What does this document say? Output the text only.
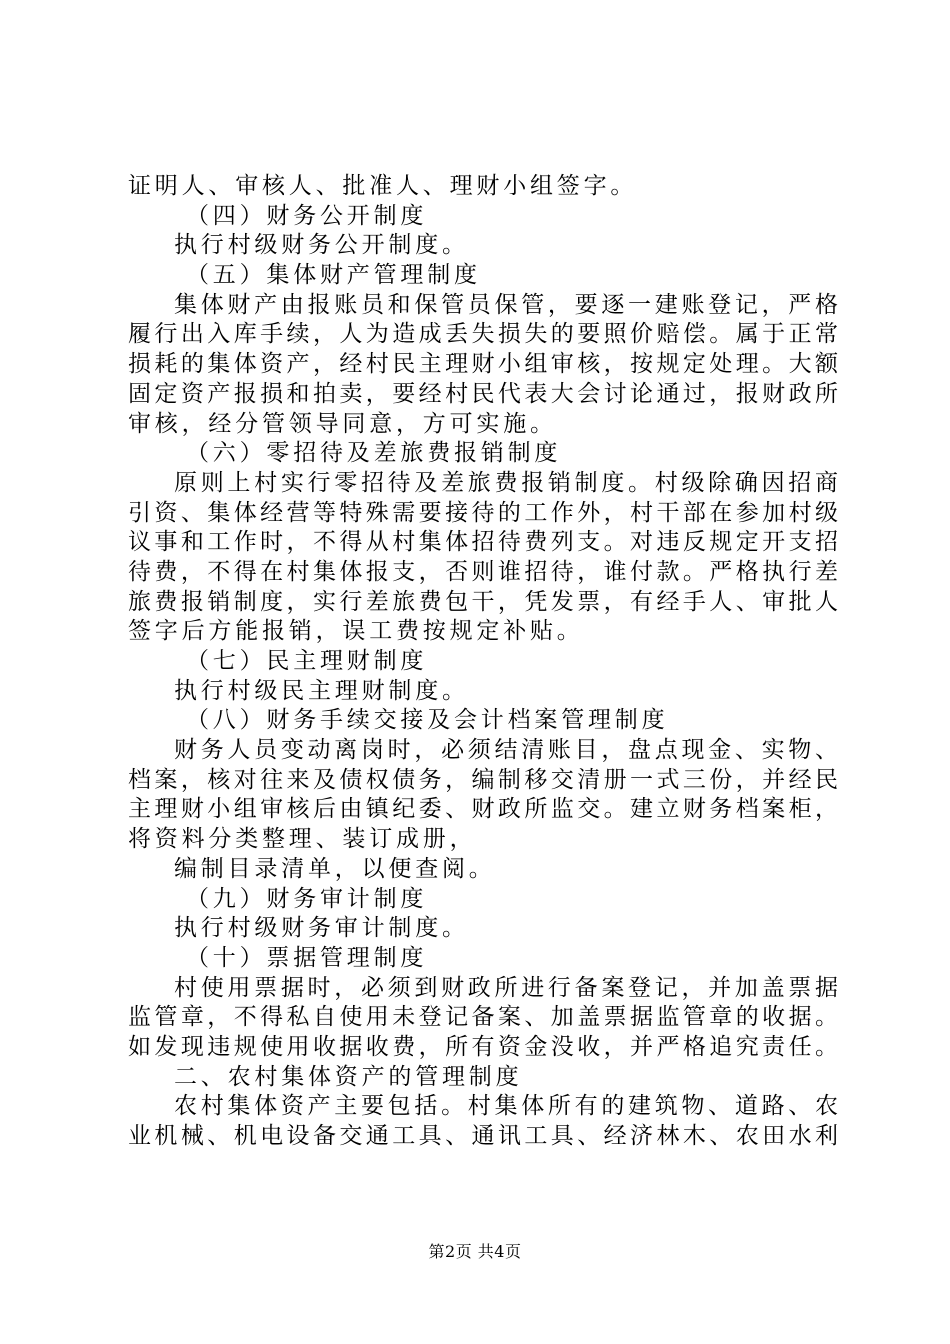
证明人、审核人、批准人、理财小组签字。
（四）财务公开制度
执行村级财务公开制度。
（五）集体财产管理制度
集体财产由报账员和保管员保管，要逐一建账登记，严格
履行出入库手续，人为造成丢失损失的要照价赔偿。属于正常
损耗的集体资产，经村民主理财小组审核，按规定处理。大额
固定资产报损和拍卖，要经村民代表大会讨论通过，报财政所
审核，经分管领导同意，方可实施。
（六）零招待及差旅费报销制度
原则上村实行零招待及差旅费报销制度。村级除确因招商
引资、集体经营等特殊需要接待的工作外，村干部在参加村级
议事和工作时，不得从村集体招待费列支。对违反规定开支招
待费，不得在村集体报支，否则谁招待，谁付款。严格执行差
旅费报销制度，实行差旅费包干，凭发票，有经手人、审批人
签字后方能报销，误工费按规定补贴。
（七）民主理财制度
执行村级民主理财制度。
（八）财务手续交接及会计档案管理制度
财务人员变动离岗时，必须结清账目，盘点现金、实物、
档案，核对往来及债权债务，编制移交清册一式三份，并经民
主理财小组审核后由镇纪委、财政所监交。建立财务档案柜，
将资料分类整理、装订成册，
编制目录清单，以便查阅。
（九）财务审计制度
执行村级财务审计制度。
（十）票据管理制度
村使用票据时，必须到财政所进行备案登记，并加盖票据
监管章，不得私自使用未登记备案、加盖票据监管章的收据。
如发现违规使用收据收费，所有资金没收，并严格追究责任。
二、农村集体资产的管理制度
农村集体资产主要包括。村集体所有的建筑物、道路、农
业机械、机电设备交通工具、通讯工具、经济林木、农田水利
第2页 共4页
